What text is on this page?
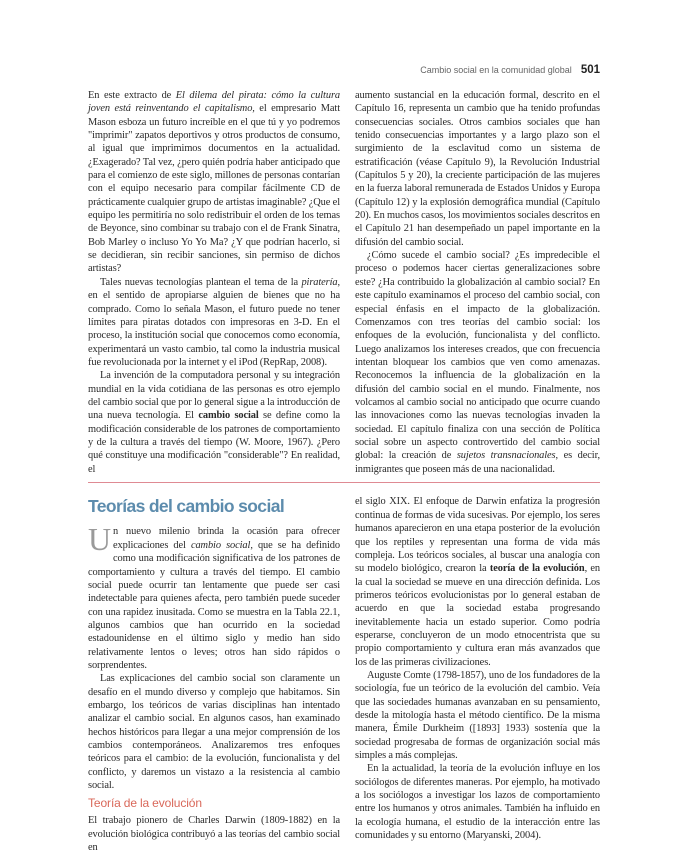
Cambio social en la comunidad global 501

En este extracto de El dilema del pirata: cómo la cultura joven está reinventando el capitalismo, el empresario Matt Mason esboza un futuro increíble en el que tú y yo podremos "imprimir" zapatos deportivos y otros productos de consumo, al igual que imprimimos documentos en la actualidad. ¿Exagerado? Tal vez, ¿pero quién podría haber anticipado que para el comienzo de este siglo, millones de personas contarían con el equipo necesario para compilar fácilmente CD de prácticamente cualquier grupo de artistas imaginable? ¿Que el equipo les permitiría no solo redistribuir el orden de los temas de Beyonce, sino combinar su trabajo con el de Frank Sinatra, Bob Marley o incluso Yo Yo Ma? ¿Y que podrían hacerlo, si se decidieran, sin recibir sanciones, sin permiso de dichos artistas?

Tales nuevas tecnologías plantean el tema de la piratería, en el sentido de apropiarse alguien de bienes que no ha comprado. Como lo señala Mason, el futuro puede no tener límites para piratas dotados con impresoras en 3-D. En el proceso, la institución social que conocemos como economía, experimentará un vasto cambio, tal como la industria musical fue revolucionada por la internet y el iPod (RepRap, 2008).

La invención de la computadora personal y su integración mundial en la vida cotidiana de las personas es otro ejemplo del cambio social que por lo general sigue a la introducción de una nueva tecnología. El cambio social se define como la modificación considerable de los patrones de comportamiento y de la cultura a través del tiempo (W. Moore, 1967). ¿Pero qué constituye una modificación "considerable"? En realidad, el

aumento sustancial en la educación formal, descrito en el Capítulo 16, representa un cambio que ha tenido profundas consecuencias sociales. Otros cambios sociales que han tenido consecuencias importantes y a largo plazo son el surgimiento de la esclavitud como un sistema de estratificación (véase Capítulo 9), la Revolución Industrial (Capítulos 5 y 20), la creciente participación de las mujeres en la fuerza laboral remunerada de Estados Unidos y Europa (Capítulo 12) y la explosión demográfica mundial (Capítulo 20). En muchos casos, los movimientos sociales descritos en el Capítulo 21 han desempeñado un papel importante en la difusión del cambio social.

¿Cómo sucede el cambio social? ¿Es impredecible el proceso o podemos hacer ciertas generalizaciones sobre este? ¿Ha contribuido la globalización al cambio social? En este capítulo examinamos el proceso del cambio social, con especial énfasis en el impacto de la globalización. Comenzamos con tres teorías del cambio social: los enfoques de la evolución, funcionalista y del conflicto. Luego analizamos los intereses creados, que con frecuencia intentan bloquear los cambios que ven como amenazas. Reconocemos la influencia de la globalización en la difusión del cambio social en el mundo. Finalmente, nos volcamos al cambio social no anticipado que ocurre cuando las innovaciones como las nuevas tecnologías invaden la sociedad. El capítulo finaliza con una sección de Política social sobre un aspecto controvertido del cambio social global: la creación de sujetos transnacionales, es decir, inmigrantes que poseen más de una nacionalidad.

Teorías del cambio social

Un nuevo milenio brinda la ocasión para ofrecer explicaciones del cambio social, que se ha definido como una modificación significativa de los patrones de comportamiento y cultura a través del tiempo. El cambio social puede ocurrir tan lentamente que puede ser casi indetectable para quienes afecta, pero también puede suceder con una rapidez inusitada. Como se muestra en la Tabla 22.1, algunos cambios que han ocurrido en la sociedad estadounidense en el último siglo y medio han sido relativamente lentos o leves; otros han sido rápidos o sorprendentes.

Las explicaciones del cambio social son claramente un desafío en el mundo diverso y complejo que habitamos. Sin embargo, los teóricos de varias disciplinas han intentado analizar el cambio social. En algunos casos, han examinado hechos históricos para llegar a una mejor comprensión de los cambios contemporáneos. Analizaremos tres enfoques teóricos para el cambio: de la evolución, funcionalista y del conflicto, y daremos un vistazo a la resistencia al cambio social.

Teoría de la evolución

El trabajo pionero de Charles Darwin (1809-1882) en la evolución biológica contribuyó a las teorías del cambio social en

el siglo XIX. El enfoque de Darwin enfatiza la progresión continua de formas de vida sucesivas. Por ejemplo, los seres humanos aparecieron en una etapa posterior de la evolución que los reptiles y representan una forma de vida más compleja. Los teóricos sociales, al buscar una analogía con su modelo biológico, crearon la teoría de la evolución, en la cual la sociedad se mueve en una dirección definida. Los primeros teóricos evolucionistas por lo general estaban de acuerdo en que la sociedad estaba progresando inevitablemente hacia un estado superior. Como podría esperarse, concluyeron de un modo etnocentrista que su propio comportamiento y cultura eran más avanzados que los de las primeras civilizaciones.

Auguste Comte (1798-1857), uno de los fundadores de la sociología, fue un teórico de la evolución del cambio. Veía que las sociedades humanas avanzaban en su pensamiento, desde la mitología hasta el método científico. De la misma manera, Émile Durkheim ([1893] 1933) sostenía que la sociedad progresaba de formas de organización social más simples a más complejas.

En la actualidad, la teoría de la evolución influye en los sociólogos de diferentes maneras. Por ejemplo, ha motivado a los sociólogos a investigar los lazos de comportamiento entre los humanos y otros animales. También ha influido en la ecología humana, el estudio de la interacción entre las comunidades y su entorno (Maryanski, 2004).
